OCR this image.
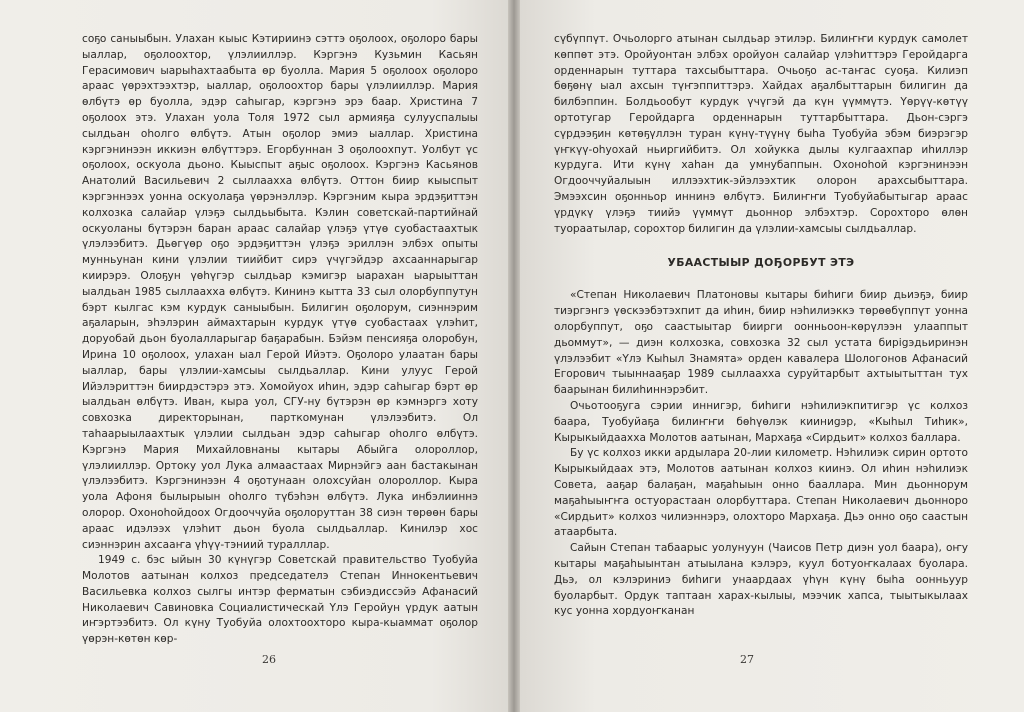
соҕо саныыбын. Улахан кыыс Кэтириинэ сэттэ оҕолоох, оҕолоро бары ыаллар, оҕолоохтор, үлэлииллэр. Кэргэнэ Кузьмин Касьян Герасимович ыарыһахтаабыта өр буолла. Мария 5 оҕолоох оҕолоро араас үөрэхтээхтэр, ыаллар, оҕолоохтор бары үлэлииллэр. Мария өлбүтэ өр буолла, эдэр саһыгар, кэргэнэ эрэ баар. Христина 7 оҕолоох этэ. Улахан уола Толя 1972 сыл армияҕа сулууспалыы сылдьан оһолго өлбүтэ. Атын оҕолор эмиэ ыаллар. Христина кэргэнинээн иккиэн өлбүттэрэ. Егорбуннан 3 оҕолоохпут. Уолбут үс оҕолоох, оскуола дьоно. Кыыспыт аҕыс оҕолоох. Кэргэнэ Касьянов Анатолий Васильевич 2 сыллааххa өлбүтэ. Оттон биир кыыспыт кэргэннээх уонна оскуолаҕа үөрэнэллэр. Кэргэним кыра эрдэҕиттэн колхозка салайар үлэҕэ сылдьыбыта. Кэлин советскай-партийнай оскуоланы бүтэрэн баран араас салайар үлэҕэ үтүө суобастаахтык үлэлээбитэ. Дьөгүөр оҕо эрдэҕиттэн үлэҕэ эриллэн элбэх опыты мунньунан кини үлэлии тиийбит сирэ үчүгэйдэр ахсааннарыгар киирэрэ. Олоҕун үөһүгэр сылдьар кэмигэр ыарахан ыарыыттан ыалдьан 1985 сыллааххa өлбүтэ. Кининэ кытта 33 сыл олорбуппутун бэрт кылгас кэм курдук саныыбын. Билигин оҕолорум, сиэннэрим аҕаларын, эһэлэрин аймахтарын курдук үтүө суобастаах үлэһит, доруобай дьон буолалларыгар баҕарабын. Бэйэм пенсияҕа олоробун, Ирина 10 оҕолоох, улахан ыал Герой Ийэтэ. Оҕолоро улаатан бары ыаллар, бары үлэлии-хамсыы сылдьаллар. Кини улууc Герой Ийэлэриттэн биирдэстэрэ этэ. Хомойуох иһин, эдэр саһыгар бэрт өр ыалдьан өлбүтэ. Иван, кыра уол, СГУ-ну бүтэрэн өр кэмнэргэ хоту совхозка директорынан, парткомунан үлэлээбитэ. Ол таһаарыылаахтык үлэлии сылдьан эдэр саһыгар оһолго өлбүтэ. Кэргэнэ Мария Михайловнаны кытары Абыйга олороллор, үлэлииллэр. Ортоку уол Лука алмаастаах Мирнэйгэ аан бастакынан үлэлээбитэ. Кэргэнинээн 4 оҕотунаан олохсуйан олороллор. Кыра уола Афоня былырыын оһолго түбэһэн өлбүтэ. Лука инбэлииннэ олорор. Охоноһойдоох Огдооччуйа оҕолоруттан 38 сиэн төрөөн бары араас идэлээх үлэһит дьон буола сылдьаллар. Кинилэр хос сиэннэрин ахсааҥа үһүү-тэниий туралллар.

1949 с. бэс ыйын 30 күнүгэр Советскай правительство Туобуйа Молотов аатынан колхоз председателэ Степан Иннокентьевич Васильевка колхоз сылгы интэр ферматын сэбиэдиссэйэ Афанасий Николаевич Савиновка Социалистическай Үлэ Геройун үрдук аатын иҥэртээбитэ. Ол күну Туобуйа олохтоохторо кыра-кыаммат оҕолор үөрэн-көтөн көр-

26

сүбүппүт. Очьолорго атынан сылдьар этилэр. Билиҥҥи курдук самолет көппөт этэ. Оройуонтан элбэх оройуон салайар үлэһиттэрэ Геройдарга орденнарын туттара тахсыбыттара. Очьоҕо ас-таҥас суоҕа. Килиэп бөҕөнү ыал ахсын түҥэппиттэрэ. Хайдах аҕалбыттарын билигин да билбэппин. Болдьообут курдук үчүгэй да күн үүммүтэ. Үөрүү-көтүү ортотугар Геройдарга орденнарын туттарбыттара. Дьон-сэргэ сүрдээҕин көтөҕүллэн туран күнү-түүнү быһа Туобуйа эбэм биэрэгэр үҥкүү-оһуохай ньиргийбитэ. Ол хойукка дылы кулгаахпар иһиллэр курдуга. Ити күнү хаһан да умнубаппын. Охоноһой кэргэнинээн Огдооччуйалыын иллээхтик-эйэлээхтик олорон арахсыбыттара. Эмээхсин оҕонньор иннинэ өлбүтэ. Билиҥҥи Туобуйабытыгар араас үрдүкү үлэҕэ тиийэ үүммүт дьоннор элбэхтэр. Сорохторо өлөн туораатылар, сорохтор билигин да үлэлии-хамсыы сылдьаллар.

УБААСТЫЫР ДОҔОРБУТ ЭТЭ

«Степан Николаевич Платоновы кытары биһиги биир дьиэҕэ, биир тиэргэнгэ үөскээбэтэхпит да иһин, биир нэһилиэккэ төрөөбүппүт уонна олорбуппут, оҕо саастыытар биирги оонньоон-көрүлээн улааппыт дьоммут», — диэн колхозка, совхозка 32 сыл устата бирigэдьиринэн үлэлээбит «Үлэ Кыһыл Знамята» орден кавалера Шологонов Афанасий Егорович тыыннааҕар 1989 сыллааххa суруйтарбыт ахтыытыттан тух баарынан билиһиннэрэбит.

Очьотооҕуга сэрии иннигэр, биһиги нэһилиэкпитигэр үс колхоз баара, Туобуйаҕа билиҥҥи бөһүөлэк кииниgэр, «Кыһыл Тиһик», Кырыкыйдааххa Молотов аатынан, Мархаҕа «Сирдьит» колхоз баллара.

Бу үс колхоз икки ардылара 20-лии километр. Нэһилиэк сирин ортото Кырыкыйдаах этэ, Молотов аатынан колхоз киинэ. Ол иһин нэһилиэк Совета, ааҕар балаҕан, маҕаһыын онно бааллара. Мин дьоннорум маҕаһыыҥҥа остуорастаан олорбуттара. Степан Николаевич дьонноро «Сирдьит» колхоз чилиэннэрэ, олохторо Мархаҕа. Дьэ онно оҕо саастын атаарбыта.

Сайын Степан табаарыс уолунуун (Чаисов Петр диэн уол баара), оҥу кытары маҕаһыынтан атыыланa кэлэрэ, куул ботуоҥкалаах буолара. Дьэ, ол кэлэриниэ биһиги унаардаах үһүн күнү быһа оонньуур буоларбыт. Ордук таптаан харах-кылыы, мээчик хапса, тыытыкылаах кус уонна хордуоҥканан

27
